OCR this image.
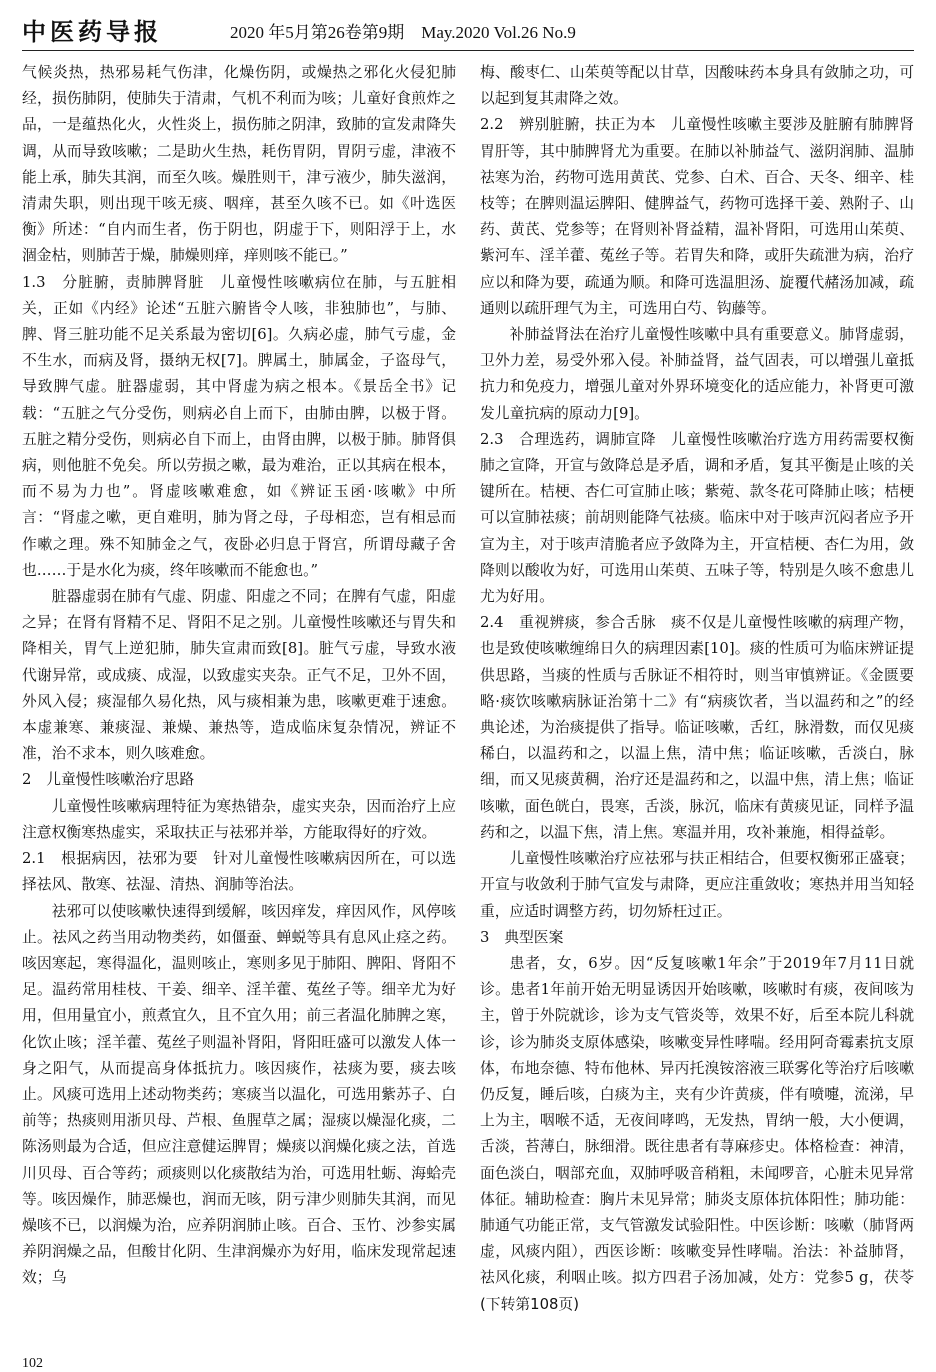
中医药导报	2020 年5月第26卷第9期　May.2020 Vol.26 No.9

气候炎热，热邪易耗气伤津，化燥伤阴，或燥热之邪化火侵犯肺经，损伤肺阴，使肺失于清肃，气机不利而为咳；儿童好食煎炸之品，一是蕴热化火，火性炎上，损伤肺之阴津，致肺的宣发肃降失调，从而导致咳嗽；二是助火生热，耗伤胃阴，胃阴亏虚，津液不能上承，肺失其润，而至久咳。燥胜则干，津亏液少，肺失滋润，清肃失职，则出现干咳无痰、咽痒，甚至久咳不已。如《叶选医衡》所述：“自内而生者，伤于阴也，阴虚于下，则阳浮于上，水涸金枯，则肺苦于燥，肺燥则痒，痒则咳不能已。”

1.3　分脏腑，责肺脾肾脏　儿童慢性咳嗽病位在肺，与五脏相关，正如《内经》论述“五脏六腑皆令人咳，非独肺也”，与肺、脾、肾三脏功能不足关系最为密切[6]。久病必虚，肺气亏虚，金不生水，而病及肾，摄纳无权[7]。脾属土，肺属金，子盗母气，导致脾气虚。脏器虚弱，其中肾虚为病之根本。《景岳全书》记载：“五脏之气分受伤，则病必自上而下，由肺由脾，以极于肾。五脏之精分受伤，则病必自下而上，由肾由脾，以极于肺。肺肾俱病，则他脏不免矣。所以劳损之嗽，最为难治，正以其病在根本，而不易为力也”。肾虚咳嗽难愈，如《辨证玉函·咳嗽》中所言：“肾虚之嗽，更自难明，肺为肾之母，子母相恋，岂有相忌而作嗽之理。殊不知肺金之气，夜卧必归息于肾宫，所谓母藏子舍也……于是水化为痰，终年咳嗽而不能愈也。”

脏器虚弱在肺有气虚、阴虚、阳虚之不同；在脾有气虚，阳虚之异；在肾有肾精不足、肾阳不足之别。儿童慢性咳嗽还与胃失和降相关，胃气上逆犯肺，肺失宣肃而致[8]。脏气亏虚，导致水液代谢异常，或成痰、成湿，以致虚实夹杂。正气不足，卫外不固，外风入侵；痰湿郁久易化热，风与痰相兼为患，咳嗽更难于速愈。本虚兼寒、兼痰湿、兼燥、兼热等，造成临床复杂情况，辨证不准，治不求本，则久咳难愈。

2　儿童慢性咳嗽治疗思路

儿童慢性咳嗽病理特征为寒热错杂，虚实夹杂，因而治疗上应注意权衡寒热虚实，采取扶正与祛邪并举，方能取得好的疗效。

2.1　根据病因，祛邪为要　针对儿童慢性咳嗽病因所在，可以选择祛风、散寒、祛湿、清热、润肺等治法。

祛邪可以使咳嗽快速得到缓解，咳因痒发，痒因风作，风停咳止。祛风之药当用动物类药，如僵蚕、蝉蜕等具有息风止痉之药。咳因寒起，寒得温化，温则咳止，寒则多见于肺阳、脾阳、肾阳不足。温药常用桂枝、干姜、细辛、淫羊藿、菟丝子等。细辛尤为好用，但用量宜小，煎煮宜久，且不宜久用；前三者温化肺脾之寒，化饮止咳；淫羊藿、菟丝子则温补肾阳，肾阳旺盛可以激发人体一身之阳气，从而提高身体抵抗力。咳因痰作，祛痰为要，痰去咳止。风痰可选用上述动物类药；寒痰当以温化，可选用紫苏子、白前等；热痰则用浙贝母、芦根、鱼腥草之属；湿痰以燥湿化痰，二陈汤则最为合适，但应注意健运脾胃；燥痰以润燥化痰之法，首选川贝母、百合等药；顽痰则以化痰散结为治，可选用牡蛎、海蛤壳等。咳因燥作，肺恶燥也，润而无咳，阴亏津少则肺失其润，而见燥咳不已，以润燥为治，应养阴润肺止咳。百合、玉竹、沙参实属养阴润燥之品，但酸甘化阴、生津润燥亦为好用，临床发现常起速效；乌

梅、酸枣仁、山茱萸等配以甘草，因酸味药本身具有敛肺之功，可以起到复其肃降之效。

2.2　辨别脏腑，扶正为本　儿童慢性咳嗽主要涉及脏腑有肺脾肾胃肝等，其中肺脾肾尤为重要。在肺以补肺益气、滋阴润肺、温肺祛寒为治，药物可选用黄芪、党参、白术、百合、天冬、细辛、桂枝等；在脾则温运脾阳、健脾益气，药物可选择干姜、熟附子、山药、黄芪、党参等；在肾则补肾益精，温补肾阳，可选用山茱萸、紫河车、淫羊藿、菟丝子等。若胃失和降，或肝失疏泄为病，治疗应以和降为要，疏通为顺。和降可选温胆汤、旋覆代赭汤加减，疏通则以疏肝理气为主，可选用白芍、钩藤等。

补肺益肾法在治疗儿童慢性咳嗽中具有重要意义。肺肾虚弱，卫外力差，易受外邪入侵。补肺益肾，益气固表，可以增强儿童抵抗力和免疫力，增强儿童对外界环境变化的适应能力，补肾更可激发儿童抗病的原动力[9]。

2.3　合理选药，调肺宣降　儿童慢性咳嗽治疗选方用药需要权衡肺之宣降，开宣与敛降总是矛盾，调和矛盾，复其平衡是止咳的关键所在。桔梗、杏仁可宣肺止咳；紫菀、款冬花可降肺止咳；桔梗可以宣肺祛痰；前胡则能降气祛痰。临床中对于咳声沉闷者应予开宣为主，对于咳声清脆者应予敛降为主，开宣桔梗、杏仁为用，敛降则以酸收为好，可选用山茱萸、五味子等，特别是久咳不愈患儿尤为好用。

2.4　重视辨痰，参合舌脉　痰不仅是儿童慢性咳嗽的病理产物，也是致使咳嗽缠绵日久的病理因素[10]。痰的性质可为临床辨证提供思路，当痰的性质与舌脉证不相符时，则当审慎辨证。《金匮要略·痰饮咳嗽病脉证治第十二》有“病痰饮者，当以温药和之”的经典论述，为治痰提供了指导。临证咳嗽，舌红，脉滑数，而仅见痰稀白，以温药和之，以温上焦，清中焦；临证咳嗽，舌淡白，脉细，而又见痰黄稠，治疗还是温药和之，以温中焦，清上焦；临证咳嗽，面色㿠白，畏寒，舌淡，脉沉，临床有黄痰见证，同样予温药和之，以温下焦，清上焦。寒温并用，攻补兼施，相得益彰。

儿童慢性咳嗽治疗应祛邪与扶正相结合，但要权衡邪正盛衰；开宣与收敛利于肺气宣发与肃降，更应注重敛收；寒热并用当知轻重，应适时调整方药，切勿矫枉过正。

3　典型医案

患者，女，6岁。因“反复咳嗽1年余”于2019年7月11日就诊。患者1年前开始无明显诱因开始咳嗽，咳嗽时有痰，夜间咳为主，曾于外院就诊，诊为支气管炎等，效果不好，后至本院儿科就诊，诊为肺炎支原体感染，咳嗽变异性哮喘。经用阿奇霉素抗支原体，布地奈德、特布他林、异丙托溴铵溶液三联雾化等治疗后咳嗽仍反复，睡后咳，白痰为主，夹有少许黄痰，伴有喷嚏，流涕，早上为主，咽喉不适，无夜间哮鸣，无发热，胃纳一般，大小便调，舌淡，苔薄白，脉细滑。既往患者有荨麻疹史。体格检查：神清，面色淡白，咽部充血，双肺呼吸音稍粗，未闻啰音，心脏未见异常体征。辅助检查：胸片未见异常；肺炎支原体抗体阳性；肺功能：肺通气功能正常，支气管激发试验阳性。中医诊断：咳嗽（肺肾两虚，风痰内阻），西医诊断：咳嗽变异性哮喘。治法：补益肺肾，祛风化痰，利咽止咳。拟方四君子汤加减，处方：党参5 g，茯苓(下转第108页)

102
